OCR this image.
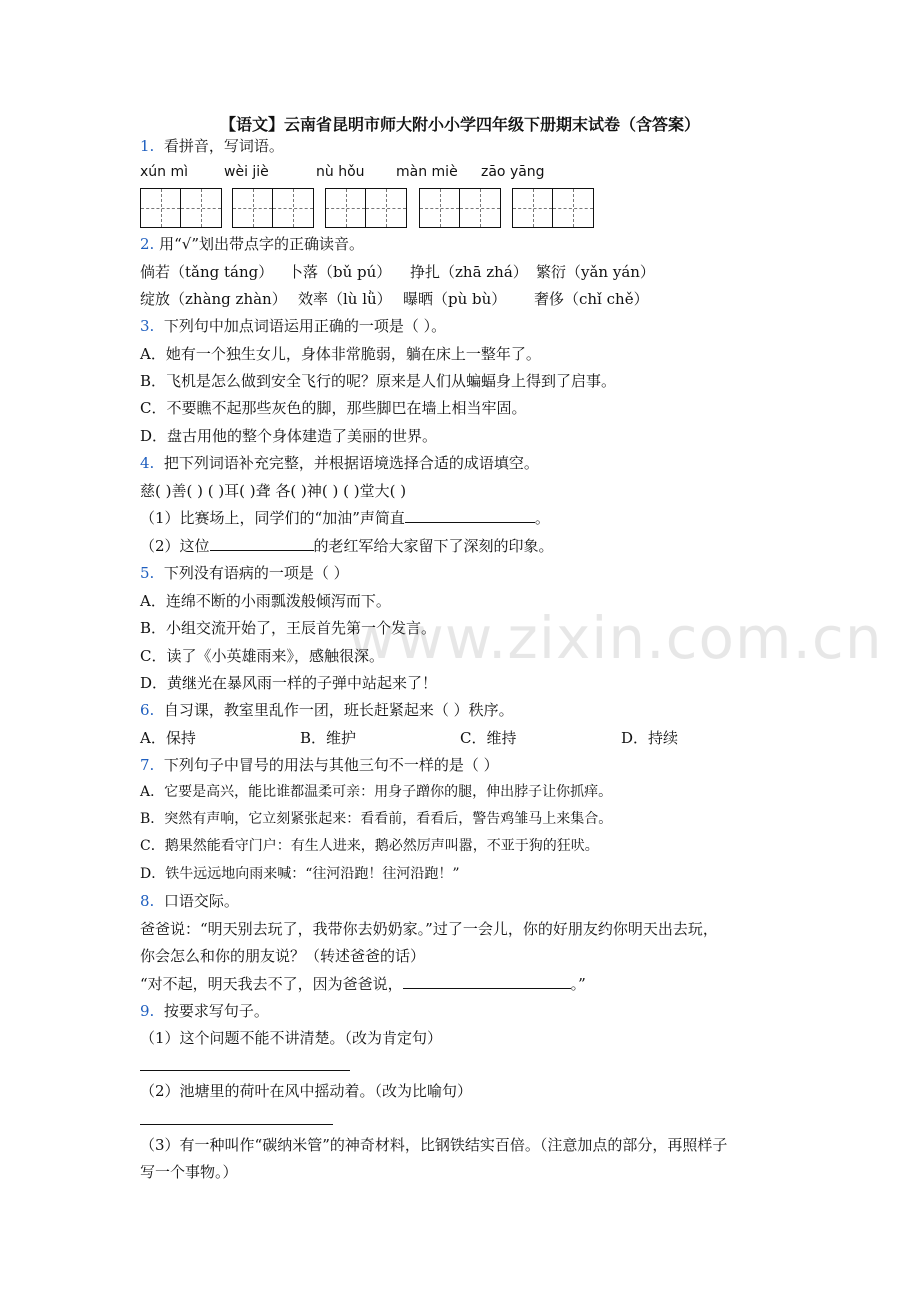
www.zixin.com.cn
【语文】云南省昆明市师大附小小学四年级下册期末试卷（含答案）
1. 看拼音，写词语。
xún mì	wèi jiè	nù hǒu màn miè zāo yāng
2. 用“√”划出带点字的正确读音。
倘若（tǎng táng） 卜落（bǔ pú） 挣扎（zhā zhá） 繁衍（yǎn yán）
绽放（zhàng zhàn） 效率（lù lǜ） 曝晒（pù bù） 奢侈（chǐ chě）
3. 下列句中加点词语运用正确的一项是（ ）。
A．她有一个独生女儿，身体非常脆弱，躺在床上一整年了。
B．飞机是怎么做到安全飞行的呢？原来是人们从蝙蝠身上得到了启事。
C．不要瞧不起那些灰色的脚，那些脚巴在墙上相当牢固。
D．盘古用他的整个身体建造了美丽的世界。
4. 把下列词语补充完整，并根据语境选择合适的成语填空。
慈( )善( ) ( )耳( )聋 各( )神( ) ( )堂大( )
（1）比赛场上，同学们的“加油”声简直	。
（2）这位	的老红军给大家留下了深刻的印象。
5. 下列没有语病的一项是（ ）
A．连绵不断的小雨瓢泼般倾泻而下。
B．小组交流开始了，王辰首先第一个发言。
C．读了《小英雄雨来》，感触很深。
D．黄继光在暴风雨一样的子弹中站起来了！
6. 自习课，教室里乱作一团，班长赶紧起来（ ）秩序。
A．保持	B．维护	C．维持	D．持续
7. 下列句子中冒号的用法与其他三句不一样的是（ ）
A．它要是高兴，能比谁都温柔可亲：用身子蹭你的腿，伸出脖子让你抓痒。
B．突然有声响，它立刻紧张起来：看看前，看看后，警告鸡雏马上来集合。
C．鹅果然能看守门户：有生人进来，鹅必然厉声叫嚣，不亚于狗的狂吠。
D．铁牛远远地向雨来喊：“往河沿跑！往河沿跑！”
8. 口语交际。
爸爸说：“明天别去玩了，我带你去奶奶家。”过了一会儿，你的好朋友约你明天出去玩，
你会怎么和你的朋友说？（转述爸爸的话）
“对不起，明天我去不了，因为爸爸说，	。”
9. 按要求写句子。
（1）这个问题不能不讲清楚。（改为肯定句）
（2）池塘里的荷叶在风中摇动着。（改为比喻句）
（3）有一种叫作“碳纳米管”的神奇材料，比钢铁结实百倍。（注意加点的部分，再照样子
写一个事物。）
